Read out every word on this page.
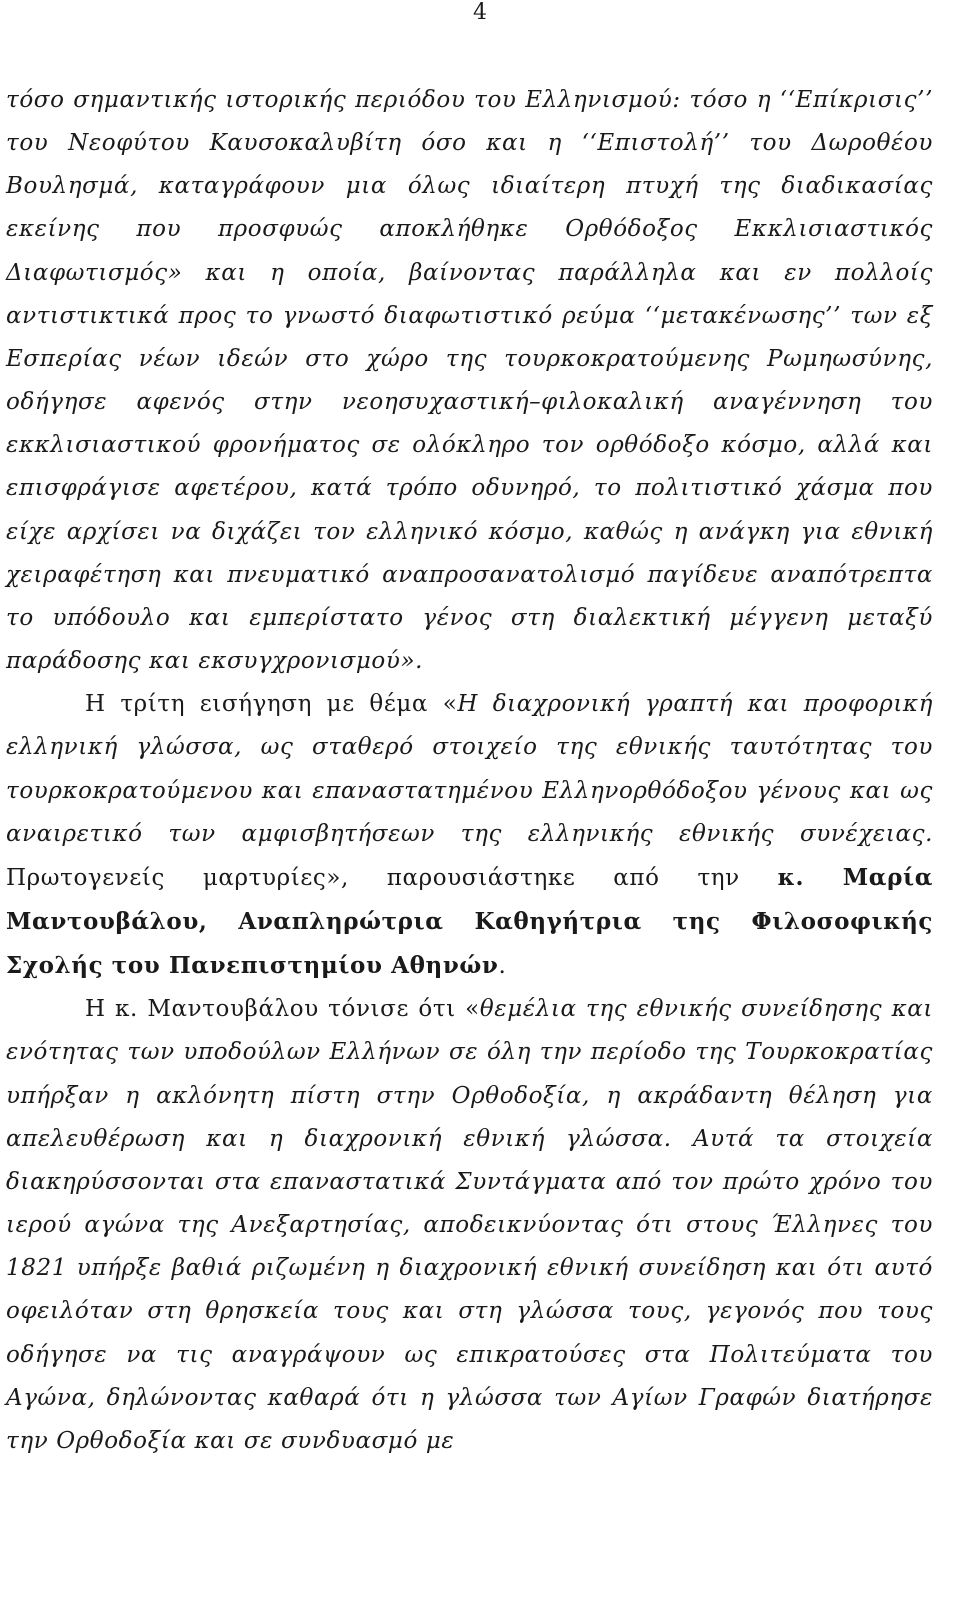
4

τόσο σημαντικής ιστορικής περιόδου του Ελληνισμού: τόσο η ‘‘Επίκρισις’’ του Νεοφύτου Καυσοκαλυβίτη όσο και η ‘‘Επιστολή’’ του Δωροθέου Βουλησμά, καταγράφουν μια όλως ιδιαίτερη πτυχή της διαδικασίας εκείνης που προσφυώς αποκλήθηκε Ορθόδοξος Εκκλισιαστικός Διαφωτισμός» και η οποία, βαίνοντας παράλληλα και εν πολλοίς αντιστικτικά προς το γνωστό διαφωτιστικό ρεύμα ‘‘μετακένωσης’’ των εξ Εσπερίας νέων ιδεών στο χώρο της τουρκοκρατούμενης Ρωμηωσύνης, οδήγησε αφενός στην νεοησυχαστική–φιλοκαλική αναγέννηση του εκκλισιαστικού φρονήματος σε ολόκληρο τον ορθόδοξο κόσμο, αλλά και επισφράγισε αφετέρου, κατά τρόπο οδυνηρό, το πολιτιστικό χάσμα που είχε αρχίσει να διχάζει τον ελληνικό κόσμο, καθώς η ανάγκη για εθνική χειραφέτηση και πνευματικό αναπροσανατολισμό παγίδευε αναπότρεπτα το υπόδουλο και εμπερίστατο γένος στη διαλεκτική μέγγενη μεταξύ παράδοσης και εκσυγχρονισμού».

Η τρίτη εισήγηση με θέμα «Η διαχρονική γραπτή και προφορική ελληνική γλώσσα, ως σταθερό στοιχείο της εθνικής ταυτότητας του τουρκοκρατούμενου και επαναστατημένου Ελληνορθόδοξου γένους και ως αναιρετικό των αμφισβητήσεων της ελληνικής εθνικής συνέχειας. Πρωτογενείς μαρτυρίες», παρουσιάστηκε από την κ. Μαρία Μαντουβάλου, Αναπληρώτρια Καθηγήτρια της Φιλοσοφικής Σχολής του Πανεπιστημίου Αθηνών.

Η κ. Μαντουβάλου τόνισε ότι «θεμέλια της εθνικής συνείδησης και ενότητας των υποδούλων Ελλήνων σε όλη την περίοδο της Τουρκοκρατίας υπήρξαν η ακλόνητη πίστη στην Ορθοδοξία, η ακράδαντη θέληση για απελευθέρωση και η διαχρονική εθνική γλώσσα. Αυτά τα στοιχεία διακηρύσσονται στα επαναστατικά Συντάγματα από τον πρώτο χρόνο του ιερού αγώνα της Ανεξαρτησίας, αποδεικνύοντας ότι στους Έλληνες του 1821 υπήρξε βαθιά ριζωμένη η διαχρονική εθνική συνείδηση και ότι αυτό οφειλόταν στη θρησκεία τους και στη γλώσσα τους, γεγονός που τους οδήγησε να τις αναγράψουν ως επικρατούσες στα Πολιτεύματα του Αγώνα, δηλώνοντας καθαρά ότι η γλώσσα των Αγίων Γραφών διατήρησε την Ορθοδοξία και σε συνδυασμό με
